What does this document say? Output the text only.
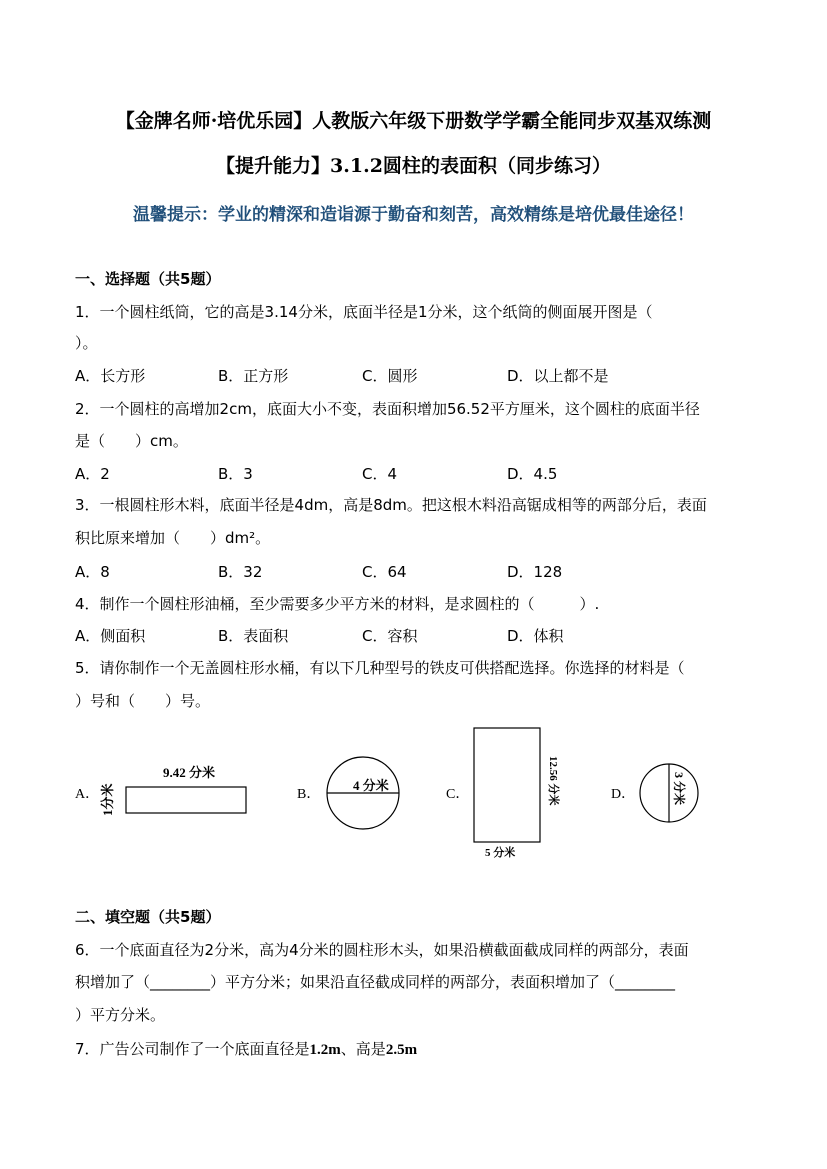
【金牌名师·培优乐园】人教版六年级下册数学学霸全能同步双基双练测
【提升能力】3.1.2圆柱的表面积（同步练习）
温馨提示：学业的精深和造诣源于勤奋和刻苦，高效精练是培优最佳途径！
一、选择题（共5题）
1．一个圆柱纸筒，它的高是3.14分米，底面半径是1分米，这个纸筒的侧面展开图是（
）。
A．长方形	B．正方形	C．圆形	D．以上都不是
2．一个圆柱的高增加2cm，底面大小不变，表面积增加56.52平方厘米，这个圆柱的底面半径
是（　　）cm。
A．2	B．3	C．4	D．4.5
3．一根圆柱形木料，底面半径是4dm，高是8dm。把这根木料沿高锯成相等的两部分后，表面
积比原来增加（　　）dm²。
A．8	B．32	C．64	D．128
4．制作一个圆柱形油桶，至少需要多少平方米的材料，是求圆柱的（　　　）.
A．侧面积	B．表面积	C．容积	D．体积
5．请你制作一个无盖圆柱形水桶，有以下几种型号的铁皮可供搭配选择。你选择的材料是（
）号和（　　）号。
A．
9.42 分米
1分米	B．
4 分米
C．	12.56 分米
5 分米
D．	3 分米
二、填空题（共5题）
6．一个底面直径为2分米，高为4分米的圆柱形木头，如果沿横截面截成同样的两部分，表面
积增加了（________）平方分米；如果沿直径截成同样的两部分，表面积增加了（________
）平方分米。
7．广告公司制作了一个底面直径是1.2m、高是2.5m
